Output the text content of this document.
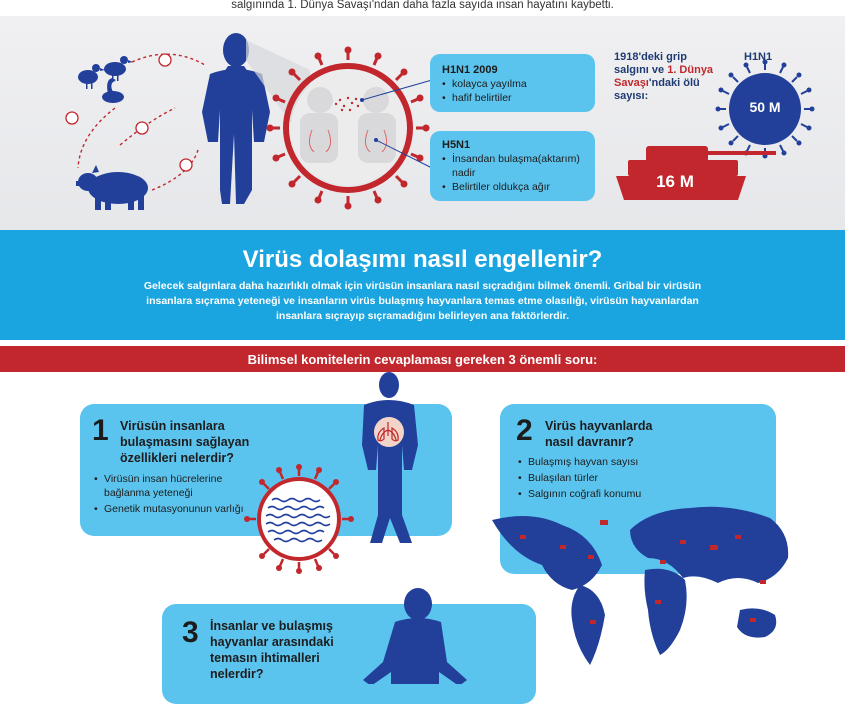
salgınında 1. Dünya Savaşı'ndan daha fazla sayıda insan hayatını kaybetti.
H1N1 2009
• kolayca yayılma
• hafif belirtiler
H5N1
• İnsandan bulaşma(aktarım) nadir
• Belirtiler oldukça ağır
1918'deki grip
salgını ve 1. Dünya
Savaşı'ndaki ölü
sayısı:
H1N1
50 M
16 M
Virüs dolaşımı nasıl engellenir?
Gelecek salgınlara daha hazırlıklı olmak için virüsün insanlara nasıl sıçradığını bilmek önemli. Gribal bir virüsün insanlara sıçrama yeteneği ve insanların virüs bulaşmış hayvanlara temas etme olasılığı, virüsün hayvanlardan insanlara sıçrayıp sıçramadığını belirleyen ana faktörlerdir.
Bilimsel komitelerin cevaplaması gereken 3 önemli soru:
1 Virüsün insanlara
bulaşmasını sağlayan
özellikleri nelerdir?
• Virüsün insan hücrelerine bağlanma yeteneği
• Genetik mutasyonunun varlığı
2 Virüs hayvanlarda
nasıl davranır?
• Bulaşmış hayvan sayısı
• Bulaşılan türler
• Salgının coğrafi konumu
3 İnsanlar ve bulaşmış
hayvanlar arasındaki
temasın ihtimalleri
nelerdir?
